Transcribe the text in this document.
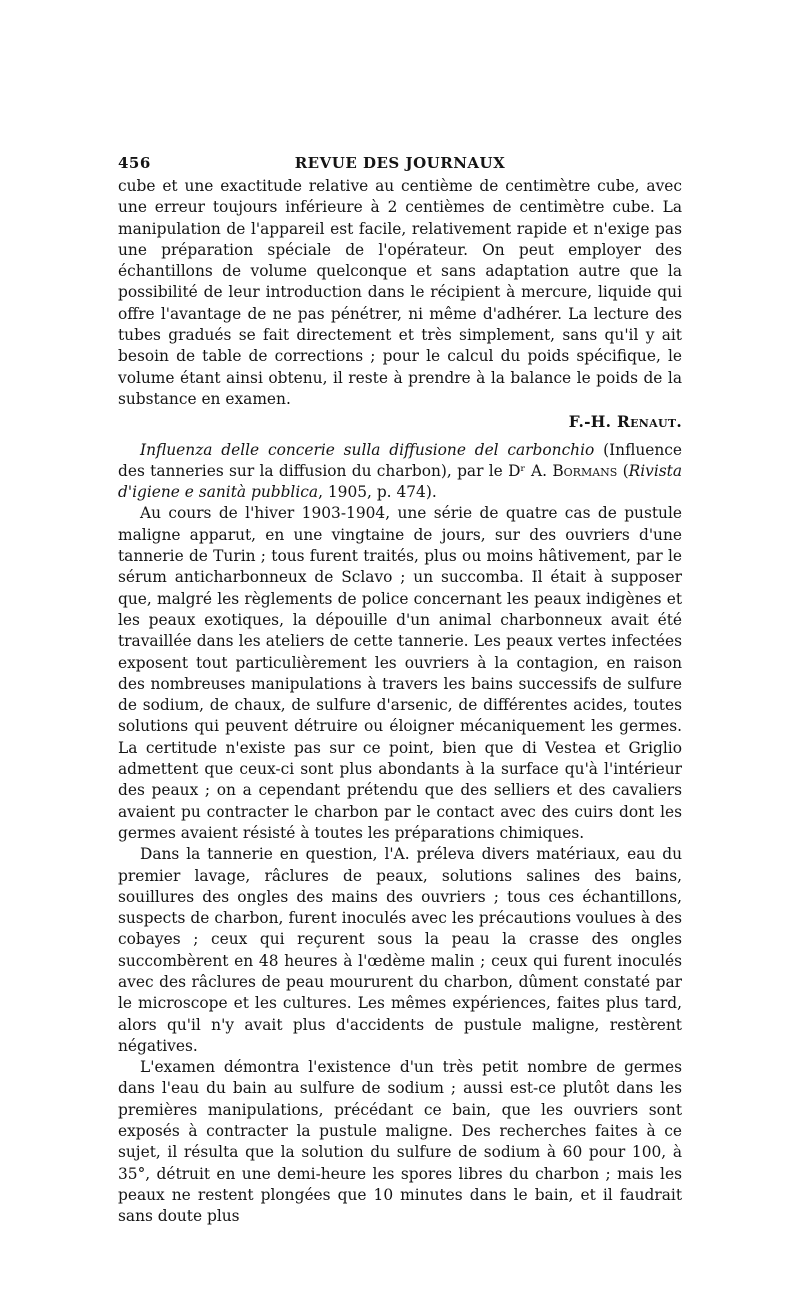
456	REVUE DES JOURNAUX

cube et une exactitude relative au centième de centimètre cube, avec une erreur toujours inférieure à 2 centièmes de centimètre cube. La manipulation de l'appareil est facile, relativement rapide et n'exige pas une préparation spéciale de l'opérateur. On peut employer des échantillons de volume quelconque et sans adaptation autre que la possibilité de leur introduction dans le récipient à mercure, liquide qui offre l'avantage de ne pas pénétrer, ni même d'adhérer. La lecture des tubes gradués se fait directement et très simplement, sans qu'il y ait besoin de table de corrections ; pour le calcul du poids spécifique, le volume étant ainsi obtenu, il reste à prendre à la balance le poids de la substance en examen.

F.-H. Renaut.

Influenza delle concerie sulla diffusione del carbonchio (Influence des tanneries sur la diffusion du charbon), par le Dʳ A. Bormans (Rivista d'igiene e sanità pubblica, 1905, p. 474).

Au cours de l'hiver 1903-1904, une série de quatre cas de pustule maligne apparut, en une vingtaine de jours, sur des ouvriers d'une tannerie de Turin ; tous furent traités, plus ou moins hâtivement, par le sérum anticharbonneux de Sclavo ; un succomba. Il était à supposer que, malgré les règlements de police concernant les peaux indigènes et les peaux exotiques, la dépouille d'un animal charbonneux avait été travaillée dans les ateliers de cette tannerie. Les peaux vertes infectées exposent tout particulièrement les ouvriers à la contagion, en raison des nombreuses manipulations à travers les bains successifs de sulfure de sodium, de chaux, de sulfure d'arsenic, de différentes acides, toutes solutions qui peuvent détruire ou éloigner mécaniquement les germes. La certitude n'existe pas sur ce point, bien que di Vestea et Griglio admettent que ceux-ci sont plus abondants à la surface qu'à l'intérieur des peaux ; on a cependant prétendu que des selliers et des cavaliers avaient pu contracter le charbon par le contact avec des cuirs dont les germes avaient résisté à toutes les préparations chimiques.

Dans la tannerie en question, l'A. préleva divers matériaux, eau du premier lavage, râclures de peaux, solutions salines des bains, souillures des ongles des mains des ouvriers ; tous ces échantillons, suspects de charbon, furent inoculés avec les précautions voulues à des cobayes ; ceux qui reçurent sous la peau la crasse des ongles succombèrent en 48 heures à l'œdème malin ; ceux qui furent inoculés avec des râclures de peau moururent du charbon, dûment constaté par le microscope et les cultures. Les mêmes expériences, faites plus tard, alors qu'il n'y avait plus d'accidents de pustule maligne, restèrent négatives.

L'examen démontra l'existence d'un très petit nombre de germes dans l'eau du bain au sulfure de sodium ; aussi est-ce plutôt dans les premières manipulations, précédant ce bain, que les ouvriers sont exposés à contracter la pustule maligne. Des recherches faites à ce sujet, il résulta que la solution du sulfure de sodium à 60 pour 100, à 35°, détruit en une demi-heure les spores libres du charbon ; mais les peaux ne restent plongées que 10 minutes dans le bain, et il faudrait sans doute plus
